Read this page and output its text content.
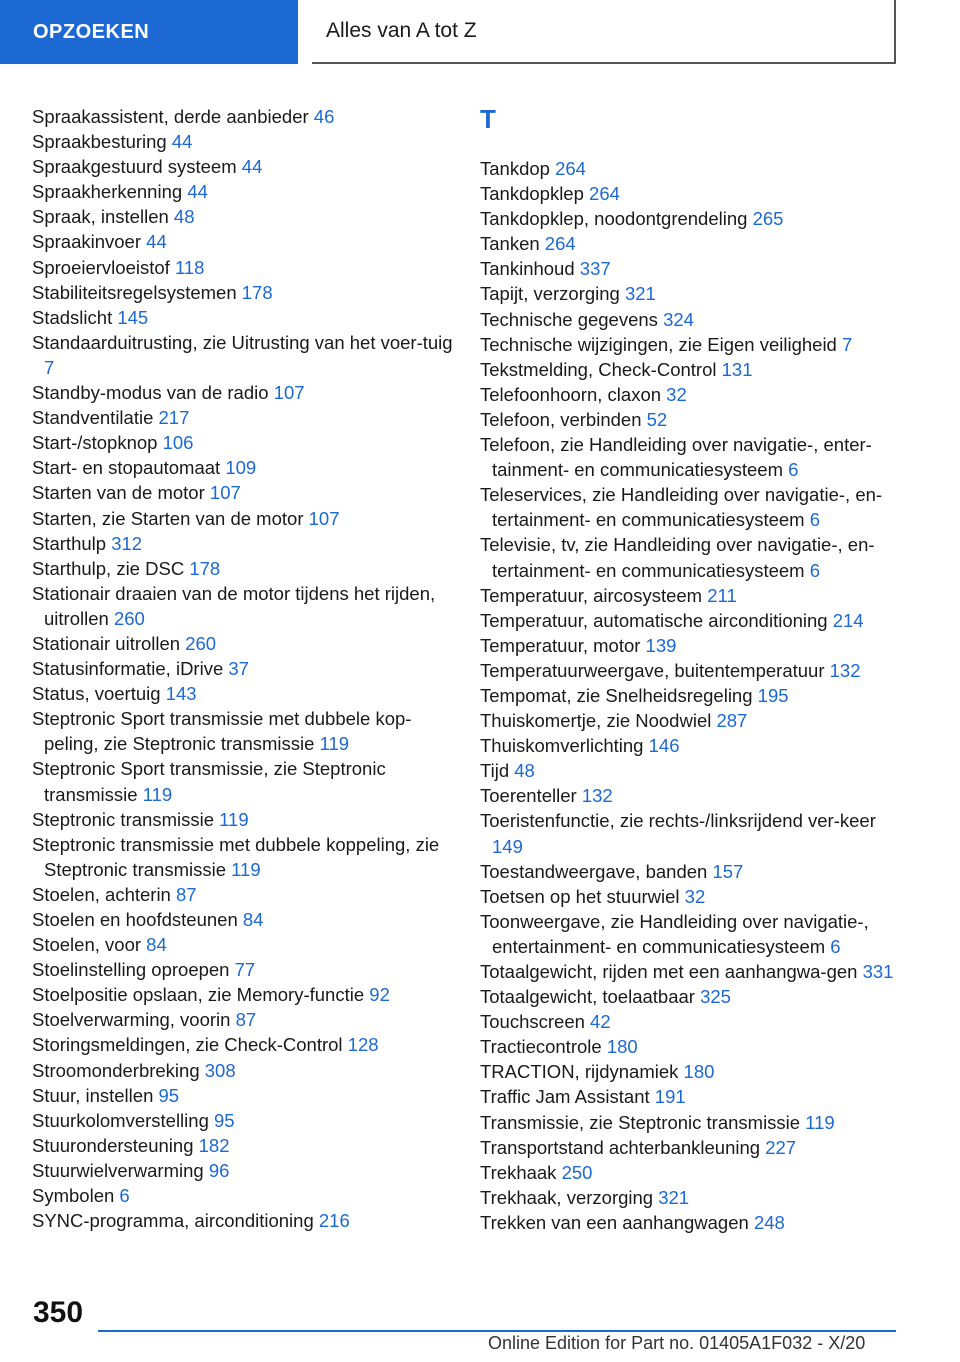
OPZOEKEN	Alles van A tot Z

Spraakassistent, derde aanbieder 46

Spraakbesturing 44

Spraakgestuurd systeem 44

Spraakherkenning 44

Spraak, instellen 48

Spraakinvoer 44

Sproeiervloeistof 118

Stabiliteitsregelsystemen 178

Stadslicht 145

Standaarduitrusting, zie Uitrusting van het voer-tuig 7

Standby-modus van de radio 107

Standventilatie 217

Start-/stopknop 106

Start- en stopautomaat 109

Starten van de motor 107

Starten, zie Starten van de motor 107

Starthulp 312

Starthulp, zie DSC 178

Stationair draaien van de motor tijdens het rijden, uitrollen 260

Stationair uitrollen 260

Statusinformatie, iDrive 37

Status, voertuig 143

Steptronic Sport transmissie met dubbele kop-peling, zie Steptronic transmissie 119

Steptronic Sport transmissie, zie Steptronic transmissie 119

Steptronic transmissie 119

Steptronic transmissie met dubbele koppeling, zie Steptronic transmissie 119

Stoelen, achterin 87

Stoelen en hoofdsteunen 84

Stoelen, voor 84

Stoelinstelling oproepen 77

Stoelpositie opslaan, zie Memory-functie 92

Stoelverwarming, voorin 87

Storingsmeldingen, zie Check-Control 128

Stroomonderbreking 308

Stuur, instellen 95

Stuurkolomverstelling 95

Stuurondersteuning 182

Stuurwielverwarming 96

Symbolen 6

SYNC-programma, airconditioning 216

T

Tankdop 264

Tankdopklep 264

Tankdopklep, noodontgrendeling 265

Tanken 264

Tankinhoud 337

Tapijt, verzorging 321

Technische gegevens 324

Technische wijzigingen, zie Eigen veiligheid 7

Tekstmelding, Check-Control 131

Telefoonhoorn, claxon 32

Telefoon, verbinden 52

Telefoon, zie Handleiding over navigatie-, enter-tainment- en communicatiesysteem 6

Teleservices, zie Handleiding over navigatie-, en-tertainment- en communicatiesysteem 6

Televisie, tv, zie Handleiding over navigatie-, en-tertainment- en communicatiesysteem 6

Temperatuur, aircosysteem 211

Temperatuur, automatische airconditioning 214

Temperatuur, motor 139

Temperatuurweergave, buitentemperatuur 132

Tempomat, zie Snelheidsregeling 195

Thuiskomertje, zie Noodwiel 287

Thuiskomverlichting 146

Tijd 48

Toerenteller 132

Toeristenfunctie, zie rechts-/linksrijdend ver-keer 149

Toestandweergave, banden 157

Toetsen op het stuurwiel 32

Toonweergave, zie Handleiding over navigatie-, entertainment- en communicatiesysteem 6

Totaalgewicht, rijden met een aanhangwa-gen 331

Totaalgewicht, toelaatbaar 325

Touchscreen 42

Tractiecontrole 180

TRACTION, rijdynamiek 180

Traffic Jam Assistant 191

Transmissie, zie Steptronic transmissie 119

Transportstand achterbankleuning 227

Trekhaak 250

Trekhaak, verzorging 321

Trekken van een aanhangwagen 248

350
Online Edition for Part no. 01405A1F032 - X/20
